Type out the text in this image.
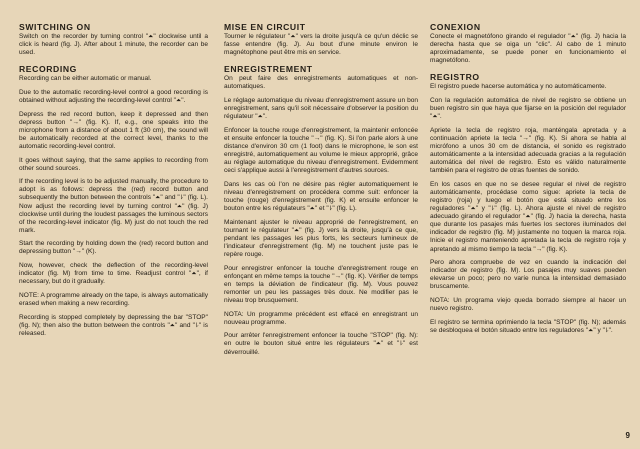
SWITCHING ON
Switch on the recorder by turning control "⏶" clockwise until a click is heard (fig. J). After about 1 minute, the recorder can be used.
RECORDING
Recording can be either automatic or manual.
Due to the automatic recording-level control a good recording is obtained without adjusting the recording-level control "⏶".
Depress the red record button, keep it depressed and then depress button "→" (fig. K). If, e.g., one speaks into the microphone from a distance of about 1 ft (30 cm), the sound will be automatically recorded at the correct level, thanks to the automatic recording-level control.
It goes without saying, that the same applies to recording from other sound sources.
If the recording level is to be adjusted manually, the procedure to adopt is as follows: depress the (red) record button and subsequently the button between the controls "⏶" and "⇂" (fig. L). Now adjust the recording level by turning control "⏶" (fig. J) clockwise until during the loudest passages the luminous sectors of the recording-level indicator (fig. M) just do not touch the red mark.
Start the recording by holding down the (red) record button and depressing button "→" (K).
Now, however, check the deflection of the recording-level indicator (fig. M) from time to time. Readjust control "⏶", if necessary, but do it gradually.
NOTE: A programme already on the tape, is always automatically erased when making a new recording.
Recording is stopped completely by depressing the bar "STOP" (fig. N); then also the button between the controls "⏶" and "⇂" is released.
MISE EN CIRCUIT
Tourner le régulateur "⏶" vers la droite jusqu'à ce qu'un déclic se fasse entendre (fig. J). Au bout d'une minute environ le magnétophone peut être mis en service.
ENREGISTREMENT
On peut faire des enregistrements automatiques et non-automatiques.
Le réglage automatique du niveau d'enregistrement assure un bon enregistrement, sans qu'il soit nécessaire d'observer la position du régulateur "⏶".
Enfoncer la touche rouge d'enregistrement, la maintenir enfoncée et ensuite enfoncer la touche "→" (fig. K). Si l'on parle alors à une distance d'environ 30 cm (1 foot) dans le microphone, le son est enregistré, automatiquement au volume le mieux approprié, grâce au réglage automatique du niveau d'enregistrement. Evidemment ceci s'applique aussi à l'enregistrement d'autres sources.
Dans les cas où l'on ne désire pas régler automatiquement le niveau d'enregistrement on procédera comme suit: enfoncer la touche (rouge) d'enregistrement (fig. K) et ensuite enfoncer le bouton entre les régulateurs "⏶" et "⇂" (fig. L).
Maintenant ajuster le niveau approprié de l'enregistrement, en tournant le régulateur "⏶" (fig. J) vers la droite, jusqu'à ce que, pendant les passages les plus forts, les secteurs lumineux de l'indicateur d'enregistrement (fig. M) ne touchent juste pas le repère rouge.
Pour enregistrer enfoncer la touche d'enregistrement rouge en enfonçant en même temps la touche "→" (fig. K). Vérifier de temps en temps la déviation de l'indicateur (fig. M). Vous pouvez remonter un peu les passages très doux. Ne modifier pas le niveau trop brusquement.
NOTA: Un programme précédent est effacé en enregistrant un nouveau programme.
Pour arrêter l'enregistrement enfoncer la touche "STOP" (fig. N): en outre le bouton situé entre les régulateurs "⏶" et "⇂" est déverrouillé.
CONEXION
Conecte el magnetófono girando el regulador "⏶" (fig. J) hacia la derecha hasta que se oiga un "clic". Al cabo de 1 minuto aproximadamente, se puede poner en funcionamiento el magnetófono.
REGISTRO
El registro puede hacerse automática y no automáticamente.
Con la regulación automática de nivel de registro se obtiene un buen registro sin que haya que fijarse en la posición del regulador "⏶".
Apriete la tecla de registro roja, manténgala apretada y a continuación apriete la tecla "→" (fig. K). Si ahora se habla al micrófono a unos 30 cm de distancia, el sonido es registrado automáticamente a la intensidad adecuada gracias a la regulación automática del nivel de registro. Esto es válido naturalmente también para el registro de otras fuentes de sonido.
En los casos en que no se desee regular el nivel de registro automáticamente, procédase como sigue: apriete la tecla de registro (roja) y luego el botón que está situado entre los reguladores "⏶" y "⇂" (fig. L). Ahora ajuste el nivel de registro adecuado girando el regulador "⏶" (fig. J) hacia la derecha, hasta que durante los pasajes más fuertes los sectores iluminados del indicador de registro (fig. M) justamente no toquen la marca roja. Inicie el registro manteniendo apretada la tecla de registro roja y apretando al mismo tiempo la tecla "→" (fig. K).
Pero ahora compruebe de vez en cuando la indicación del indicador de registro (fig. M). Los pasajes muy suaves pueden elevarse un poco; pero no varíe nunca la intensidad demasiado bruscamente.
NOTA: Un programa viejo queda borrado siempre al hacer un nuevo registro.
El registro se termina oprimiendo la tecla "STOP" (fig. N); además se desbloquea el botón situado entre los reguladores "⏶" y "⇂".
9
